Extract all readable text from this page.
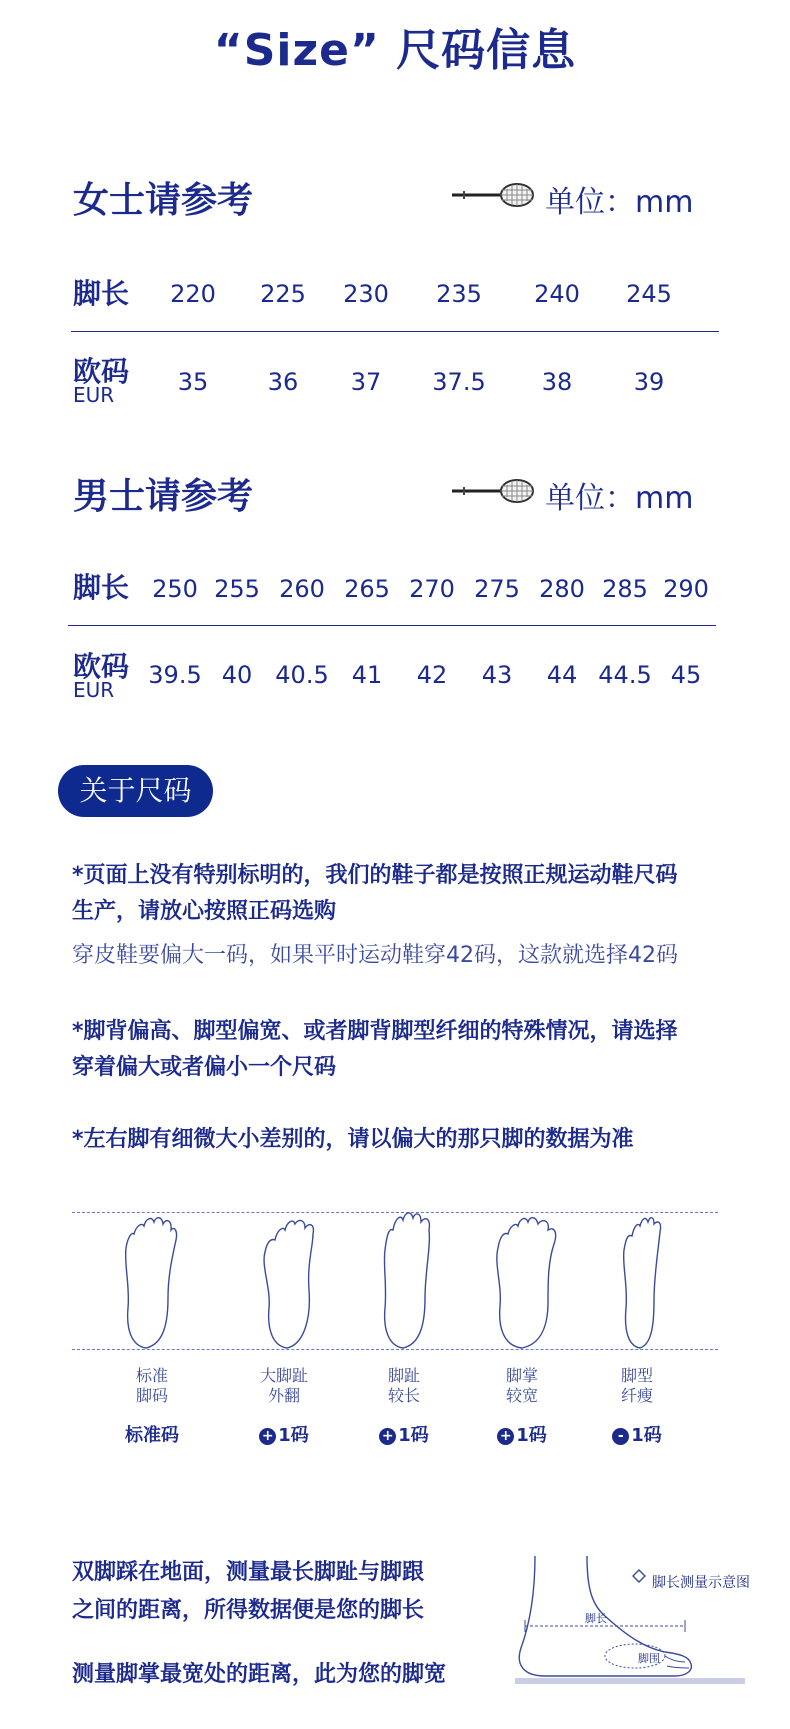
“Size” 尺码信息
女士请参考	单位：mm
脚长	220	225	230	235	240	245
欧码
EUR	35	36	37	37.5	38	39
男士请参考	单位：mm
脚长 250 255 260 265 270 275 280 285 290
欧码
EUR
39.5 40 40.5 41	42	43	44 44.5 45
关于尺码
*页面上没有特别标明的，我们的鞋子都是按照正规运动鞋尺码
生产，请放心按照正码选购
穿皮鞋要偏大一码，如果平时运动鞋穿42码，这款就选择42码
*脚背偏高、脚型偏宽、或者脚背脚型纤细的特殊情况，请选择
穿着偏大或者偏小一个尺码
*左右脚有细微大小差别的，请以偏大的那只脚的数据为准
标准
脚码
标准码
大脚趾
外翻
+ 1码
脚趾
较长
+ 1码
脚掌
较宽
+ 1码
脚型
纤瘦
- 1码
双脚踩在地面，测量最长脚趾与脚跟
之间的距离，所得数据便是您的脚长
测量脚掌最宽处的距离，此为您的脚宽
脚长测量示意图
脚长
脚围
